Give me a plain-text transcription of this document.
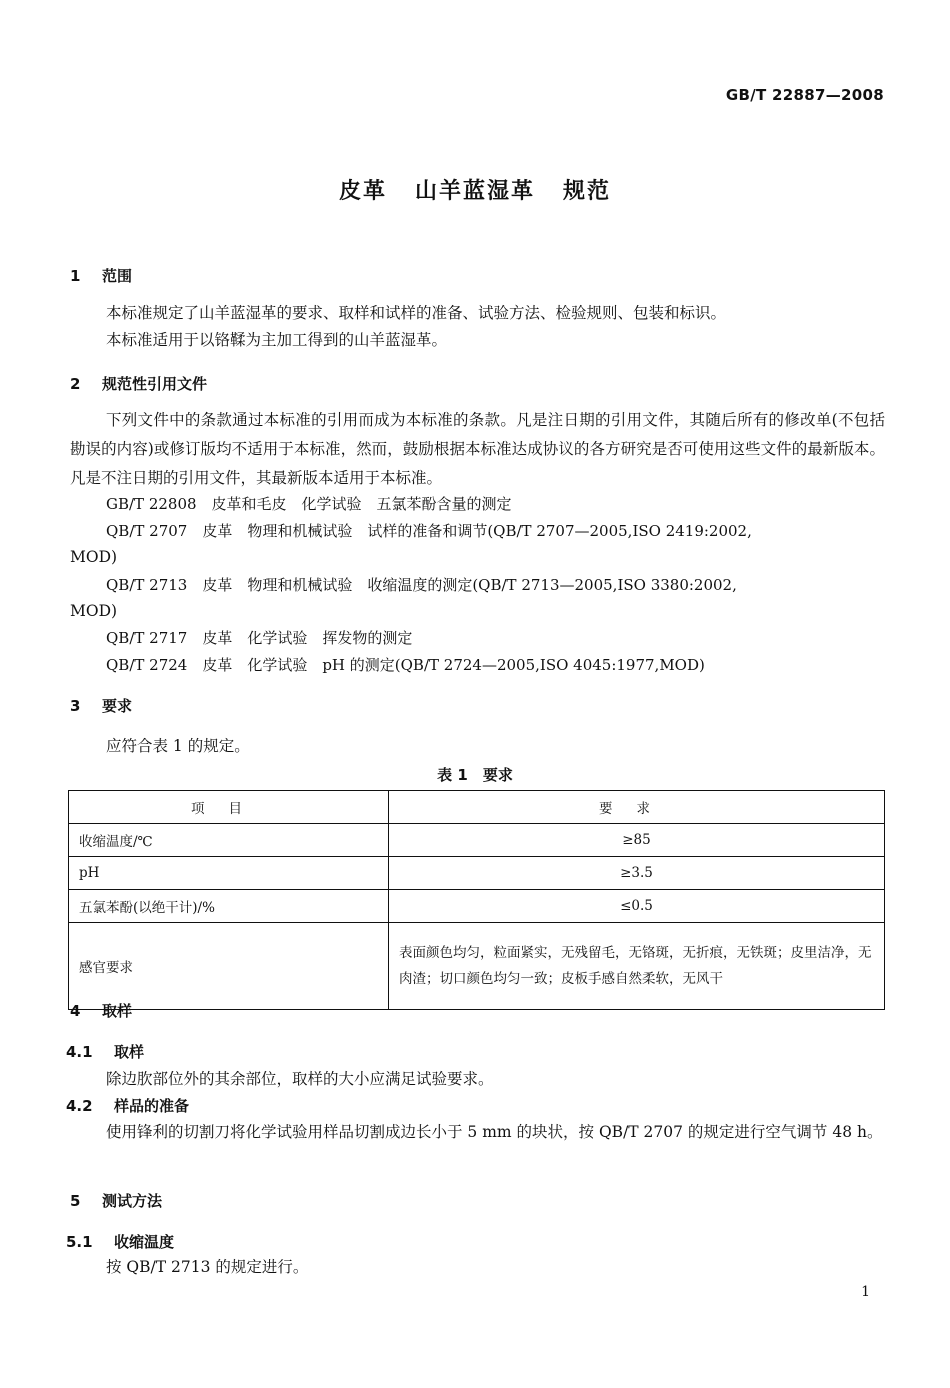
GB/T 22887—2008
皮革 山羊蓝湿革 规范
1 范围
本标准规定了山羊蓝湿革的要求、取样和试样的准备、试验方法、检验规则、包装和标识。
本标准适用于以铬鞣为主加工得到的山羊蓝湿革。
2 规范性引用文件
下列文件中的条款通过本标准的引用而成为本标准的条款。凡是注日期的引用文件，其随后所有的修改单(不包括勘误的内容)或修订版均不适用于本标准，然而，鼓励根据本标准达成协议的各方研究是否可使用这些文件的最新版本。凡是不注日期的引用文件，其最新版本适用于本标准。
GB/T 22808　皮革和毛皮　化学试验　五氯苯酚含量的测定
QB/T 2707　皮革　物理和机械试验　试样的准备和调节(QB/T 2707—2005,ISO 2419:2002,
MOD)
QB/T 2713　皮革　物理和机械试验　收缩温度的测定(QB/T 2713—2005,ISO 3380:2002,
MOD)
QB/T 2717　皮革　化学试验　挥发物的测定
QB/T 2724　皮革　化学试验　pH 的测定(QB/T 2724—2005,ISO 4045:1977,MOD)
3 要求
应符合表 1 的规定。
表 1　要求
项目	要求
收缩温度/℃	≥85
pH	≥3.5
五氯苯酚(以绝干计)/%	≤0.5
感官要求	表面颜色均匀，粒面紧实，无残留毛，无铬斑，无折痕，无铁斑；皮里洁净，无肉渣；切口颜色均匀一致；皮板手感自然柔软，无风干
4 取样
4.1 取样
除边肷部位外的其余部位，取样的大小应满足试验要求。
4.2 样品的准备
使用锋利的切割刀将化学试验用样品切割成边长小于 5 mm 的块状，按 QB/T 2707 的规定进行空气调节 48 h。
5 测试方法
5.1 收缩温度
按 QB/T 2713 的规定进行。
1
